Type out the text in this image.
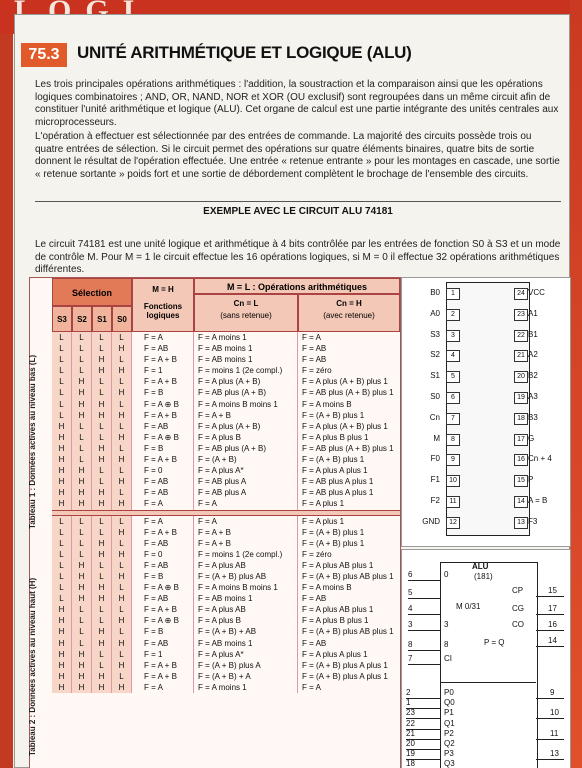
75.3	UNITÉ ARITHMÉTIQUE ET LOGIQUE (ALU)

Les trois principales opérations arithmétiques : l'addition, la soustraction et la comparaison ainsi que les opérations logiques combinatoires ; AND, OR, NAND, NOR et XOR (OU exclusif) sont regroupées dans un même circuit afin de constituer l'unité arithmétique et logique (ALU). Cet organe de calcul est une partie intégrante des unités centrales aux microprocesseurs.

L'opération à effectuer est sélectionnée par des entrées de commande. La majorité des circuits possède trois ou quatre entrées de sélection. Si le circuit permet des opérations sur quatre éléments binaires, quatre bits de sortie donnent le résultat de l'opération effectuée. Une entrée « retenue entrante » pour les montages en cascade, une sortie « retenue sortante » poids fort et une sortie de débordement complètent le brochage de l'ensemble des circuits.

EXEMPLE AVEC LE CIRCUIT ALU 74181
Le circuit 74181 est une unité logique et arithmétique à 4 bits contrôlée par les entrées de fonction S0 à S3 et un mode de contrôle M. Pour M = 1 le circuit effectue les 16 opérations logiques, si M = 0 il effectue 32 opérations arithmétiques différentes.
Sélection
S3	S2	S1	S0
M = H
Fonctions logiques
M = L : Opérations arithmétiques
Cn = L
(sans retenue)
Cn = H
(avec retenue)
Tableau 1 : Données actives au niveau bas (L)
Tableau 2 : Données actives au niveau haut (H)
L	L	L	L	F = A	F = A moins 1	F = A
L	L	L	H	F = AB	F = AB moins 1	F = AB
L	L	H	L	F = A + B	F = AB moins 1	F = AB
L	L	H	H	F = 1	F = moins 1 (2e compl.)	F = zéro
L	H	L	L	F = A + B	F = A plus (A + B)	F = A plus (A + B) plus 1
L	H	L	H	F = B	F = AB plus (A + B)	F = AB plus (A + B) plus 1
L	H	H	L	F = A ⊕ B	F = A moins B moins 1	F = A moins B
L	H	H	H	F = A + B	F = A + B	F = (A + B) plus 1
H	L	L	L	F = AB	F = A plus (A + B)	F = A plus (A + B) plus 1
H	L	L	H	F = A ⊕ B	F = A plus B	F = A plus B plus 1
H	L	H	L	F = B	F = AB plus (A + B)	F = AB plus (A + B) plus 1
H	L	H	H	F = A + B	F = (A + B)	F = (A + B) plus 1
H	H	L	L	F = 0	F = A plus A*	F = A plus A plus 1
H	H	L	H	F = AB	F = AB plus A	F = AB plus A plus 1
H	H	H	L	F = AB	F = AB plus A	F = AB plus A plus 1
H	H	H	H	F = A	F = A	F = A plus 1
L	L	L	L	F = A	F = A	F = A plus 1
L	L	L	H	F = A + B	F = A + B	F = (A + B) plus 1
L	L	H	L	F = AB	F = A + B	F = (A + B) plus 1
L	L	H	H	F = 0	F = moins 1 (2e compl.)	F = zéro
L	H	L	L	F = AB	F = A plus AB	F = A plus AB plus 1
L	H	L	H	F = B	F = (A + B) plus AB	F = (A + B) plus AB plus 1
L	H	H	L	F = A ⊕ B	F = A moins B moins 1	F = A moins B
L	H	H	H	F = AB	F = AB moins 1	F = AB
H	L	L	L	F = A + B	F = A plus AB	F = A plus AB plus 1
H	L	L	H	F = A ⊕ B	F = A plus B	F = A plus B plus 1
H	L	H	L	F = B	F = (A + B) + AB	F = (A + B) plus AB plus 1
H	L	H	H	F = AB	F = AB moins 1	F = AB
H	H	L	L	F = 1	F = A plus A*	F = A plus A plus 1
H	H	L	H	F = A + B	F = (A + B) plus A	F = (A + B) plus A plus 1
H	H	H	L	F = A + B	F = (A + B) + A	F = (A + B) plus A plus 1
H	H	H	H	F = A	F = A moins 1	F = A
B0	1
A0	2
S3	3
S2	4
S1	5
S0	6
Cn	7
M	8
F0	9
F1	10
F2	11
GND	12
24 VCC
23 A1
22 B1
21 A2
20 B2
19 A3
18 B3
17 G
16 Cn + 4
15 P
14 A = B
13 F3
ALU
(181)
M 0/31
P = Q
CI
6	0
5
4
3	3
8	8
7
CP	15
CG	17
CO	16
14
2	P0
1	Q0
23	P1
22	Q1
21	P2
20	Q2
19	P3
18	Q3
9
10
11
13
